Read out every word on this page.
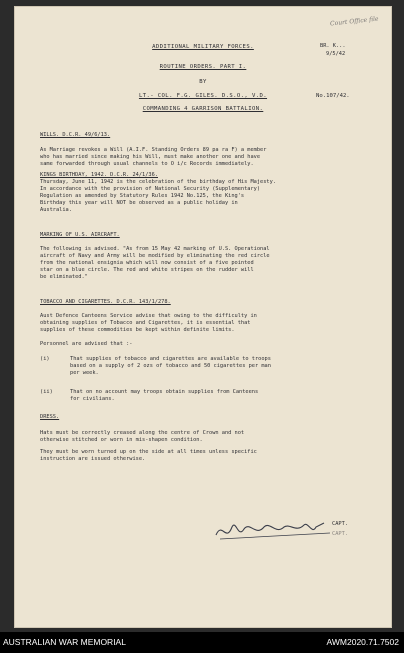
Court Office file
BR. K...
9/5/42
ADDITIONAL MILITARY FORCES.
ROUTINE ORDERS. PART I.
BY
LT.- COL. F.G. GILES. D.S.O., V.D.
COMMANDING 4 GARRISON BATTALION.
No.107/42.
WILLS. D.C.R. 49/6/13.
As Marriage revokes a Will (A.I.F. Standing Orders 89 pa ra F) a member
who has married since making his Will, must make another one and have
same forwarded through usual channels to O i/c Records immediately.
KINGS BIRTHDAY, 1942. D.C.R. 24/1/36.
Thursday, June 11, 1942 is the celebration of the birthday of His Majesty.
In accordance with the provision of National Security (Supplementary)
Regulation as amended by Statutory Rules 1942 No.125, the King's
Birthday this year will NOT be observed as a public holiday in
Australia.
MARKING OF U.S. AIRCRAFT.
The following is advised. "As from 15 May 42 marking of U.S. Operational
aircraft of Navy and Army will be modified by eliminating the red circle
from the national ensignia which will now consist of a five pointed
star on a blue circle. The red and white stripes on the rudder will
be eliminated."
TOBACCO AND CIGARETTES. D.C.R. 143/1/278.
Aust Defence Canteens Service advise that owing to the difficulty in
obtaining supplies of Tobacco and Cigarettes, it is essential that
supplies of these commodities be kept within definite limits.
Personnel are advised that :-
(i)	That supplies of tobacco and cigarettes are available to troops
based on a supply of 2 ozs of tobacco and 50 cigarettes per man
per week.
(ii)	That on no account may troops obtain supplies from Canteens
for civilians.
DRESS.
Hats must be correctly creased along the centre of Crown and not
otherwise stitched or worn in mis-shapen condition.
They must be worn turned up on the side at all times unless specific
instruction are issued otherwise.
CAPT.
CAPT.
AUSTRALIAN WAR MEMORIAL	AWM2020.71.7502
